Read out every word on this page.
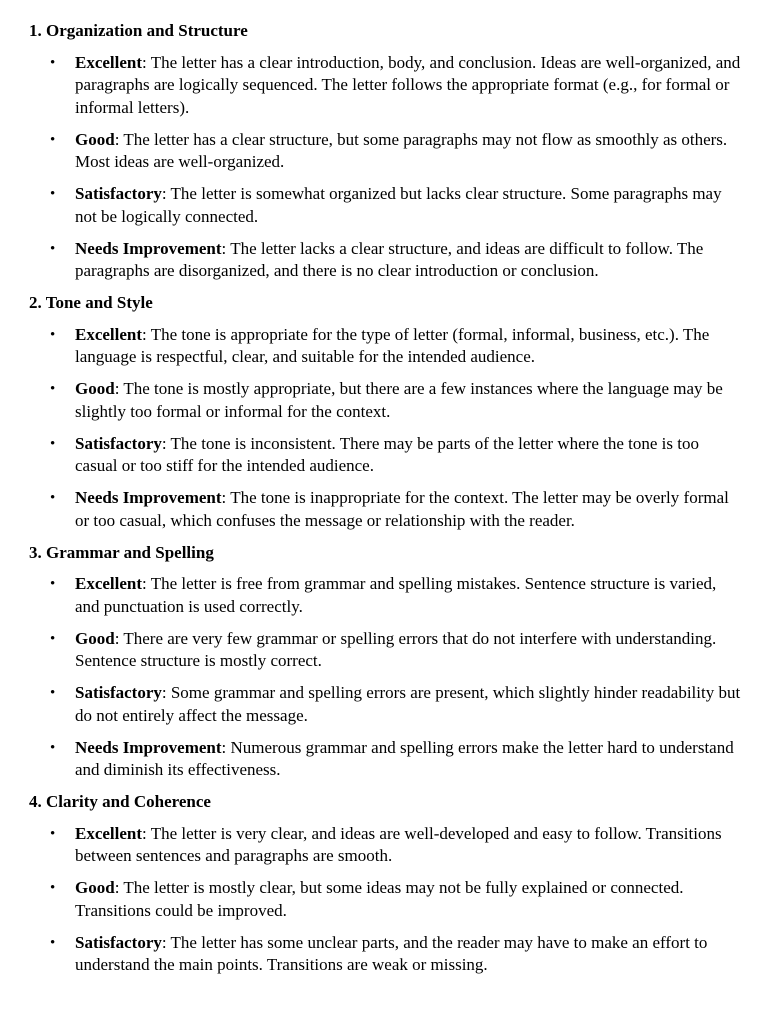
1. Organization and Structure
• Excellent: The letter has a clear introduction, body, and conclusion. Ideas are well-organized, and paragraphs are logically sequenced. The letter follows the appropriate format (e.g., for formal or informal letters).
• Good: The letter has a clear structure, but some paragraphs may not flow as smoothly as others. Most ideas are well-organized.
• Satisfactory: The letter is somewhat organized but lacks clear structure. Some paragraphs may not be logically connected.
• Needs Improvement: The letter lacks a clear structure, and ideas are difficult to follow. The paragraphs are disorganized, and there is no clear introduction or conclusion.
2. Tone and Style
• Excellent: The tone is appropriate for the type of letter (formal, informal, business, etc.). The language is respectful, clear, and suitable for the intended audience.
• Good: The tone is mostly appropriate, but there are a few instances where the language may be slightly too formal or informal for the context.
• Satisfactory: The tone is inconsistent. There may be parts of the letter where the tone is too casual or too stiff for the intended audience.
• Needs Improvement: The tone is inappropriate for the context. The letter may be overly formal or too casual, which confuses the message or relationship with the reader.
3. Grammar and Spelling
• Excellent: The letter is free from grammar and spelling mistakes. Sentence structure is varied, and punctuation is used correctly.
• Good: There are very few grammar or spelling errors that do not interfere with understanding. Sentence structure is mostly correct.
• Satisfactory: Some grammar and spelling errors are present, which slightly hinder readability but do not entirely affect the message.
• Needs Improvement: Numerous grammar and spelling errors make the letter hard to understand and diminish its effectiveness.
4. Clarity and Coherence
• Excellent: The letter is very clear, and ideas are well-developed and easy to follow. Transitions between sentences and paragraphs are smooth.
• Good: The letter is mostly clear, but some ideas may not be fully explained or connected. Transitions could be improved.
• Satisfactory: The letter has some unclear parts, and the reader may have to make an effort to understand the main points. Transitions are weak or missing.
